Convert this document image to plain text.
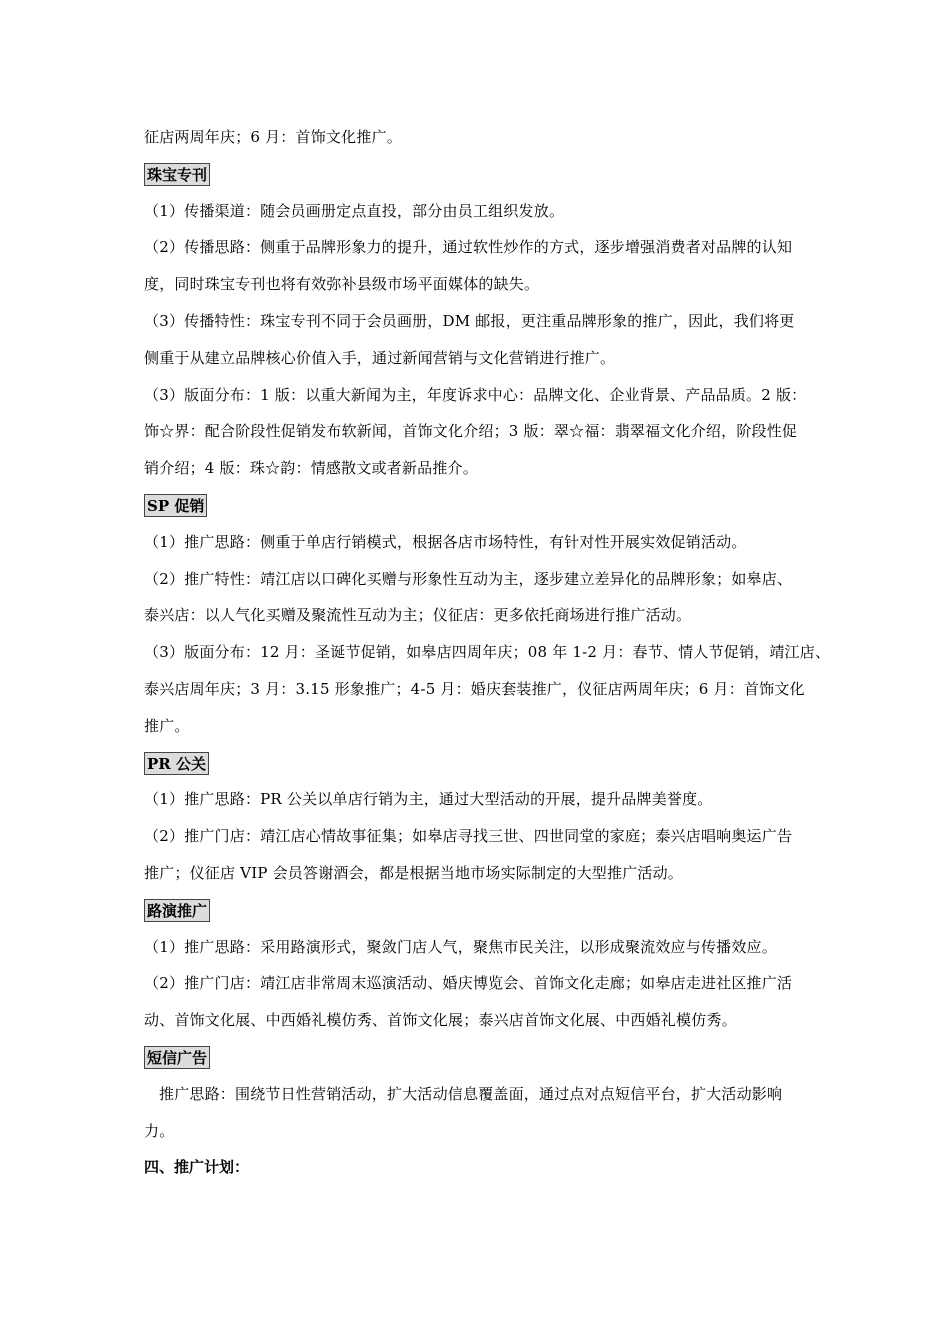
征店两周年庆；6 月：首饰文化推广。
珠宝专刊
（1）传播渠道：随会员画册定点直投，部分由员工组织发放。
（2）传播思路：侧重于品牌形象力的提升，通过软性炒作的方式，逐步增强消费者对品牌的认知
度，同时珠宝专刊也将有效弥补县级市场平面媒体的缺失。
（3）传播特性：珠宝专刊不同于会员画册，DM 邮报，更注重品牌形象的推广，因此，我们将更
侧重于从建立品牌核心价值入手，通过新闻营销与文化营销进行推广。
（3）版面分布：1 版：以重大新闻为主，年度诉求中心：品牌文化、企业背景、产品品质。2 版：
饰☆界：配合阶段性促销发布软新闻，首饰文化介绍；3 版：翠☆福：翡翠福文化介绍，阶段性促
销介绍；4 版：珠☆韵：情感散文或者新品推介。
SP 促销
（1）推广思路：侧重于单店行销模式，根据各店市场特性，有针对性开展实效促销活动。
（2）推广特性：靖江店以口碑化买赠与形象性互动为主，逐步建立差异化的品牌形象；如皋店、
泰兴店：以人气化买赠及聚流性互动为主；仪征店：更多依托商场进行推广活动。
（3）版面分布：12 月：圣诞节促销，如皋店四周年庆；08 年 1-2 月：春节、情人节促销，靖江店、
泰兴店周年庆；3 月：3.15 形象推广；4-5 月：婚庆套装推广，仪征店两周年庆；6 月：首饰文化
推广。
PR 公关
（1）推广思路：PR 公关以单店行销为主，通过大型活动的开展，提升品牌美誉度。
（2）推广门店：靖江店心情故事征集；如皋店寻找三世、四世同堂的家庭；泰兴店唱响奥运广告
推广；仪征店 VIP 会员答谢酒会，都是根据当地市场实际制定的大型推广活动。
路演推广
（1）推广思路：采用路演形式，聚敛门店人气，聚焦市民关注，以形成聚流效应与传播效应。
（2）推广门店：靖江店非常周末巡演活动、婚庆博览会、首饰文化走廊；如皋店走进社区推广活
动、首饰文化展、中西婚礼模仿秀、首饰文化展；泰兴店首饰文化展、中西婚礼模仿秀。
短信广告
推广思路：围绕节日性营销活动，扩大活动信息覆盖面，通过点对点短信平台，扩大活动影响
力。
四、推广计划：
